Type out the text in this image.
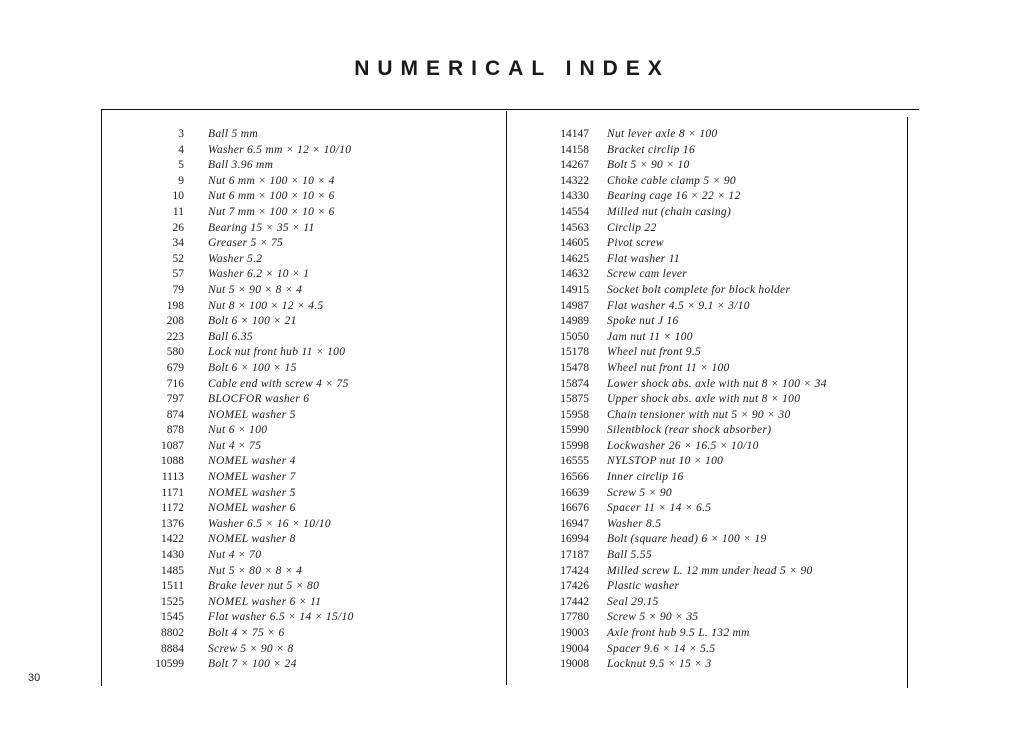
NUMERICAL INDEX
3 Ball 5 mm
4 Washer 6.5 mm × 12 × 10/10
5 Ball 3.96 mm
9 Nut 6 mm × 100 × 10 × 4
10 Nut 6 mm × 100 × 10 × 6
11 Nut 7 mm × 100 × 10 × 6
26 Bearing 15 × 35 × 11
34 Greaser 5 × 75
52 Washer 5.2
57 Washer 6.2 × 10 × 1
79 Nut 5 × 90 × 8 × 4
198 Nut 8 × 100 × 12 × 4.5
208 Bolt 6 × 100 × 21
223 Ball 6.35
580 Lock nut front hub 11 × 100
679 Bolt 6 × 100 × 15
716 Cable end with screw 4 × 75
797 BLOCFOR washer 6
874 NOMEL washer 5
878 Nut 6 × 100
1087 Nut 4 × 75
1088 NOMEL washer 4
1113 NOMEL washer 7
1171 NOMEL washer 5
1172 NOMEL washer 6
1376 Washer 6.5 × 16 × 10/10
1422 NOMEL washer 8
1430 Nut 4 × 70
1485 Nut 5 × 80 × 8 × 4
1511 Brake lever nut 5 × 80
1525 NOMEL washer 6 × 11
1545 Flat washer 6.5 × 14 × 15/10
8802 Bolt 4 × 75 × 6
8884 Screw 5 × 90 × 8
10599 Bolt 7 × 100 × 24
14147 Nut lever axle 8 × 100
14158 Bracket circlip 16
14267 Bolt 5 × 90 × 10
14322 Choke cable clamp 5 × 90
14330 Bearing cage 16 × 22 × 12
14554 Milled nut (chain casing)
14563 Circlip 22
14605 Pivot screw
14625 Flat washer 11
14632 Screw cam lever
14915 Socket bolt complete for block holder
14987 Flat washer 4.5 × 9.1 × 3/10
14989 Spoke nut J 16
15050 Jam nut 11 × 100
15178 Wheel nut front 9.5
15478 Wheel nut front 11 × 100
15874 Lower shock abs. axle with nut 8 × 100 × 34
15875 Upper shock abs. axle with nut 8 × 100
15958 Chain tensioner with nut 5 × 90 × 30
15990 Silentblock (rear shock absorber)
15998 Lockwasher 26 × 16.5 × 10/10
16555 NYLSTOP nut 10 × 100
16566 Inner circlip 16
16639 Screw 5 × 90
16676 Spacer 11 × 14 × 6.5
16947 Washer 8.5
16994 Bolt (square head) 6 × 100 × 19
17187 Ball 5.55
17424 Milled screw L. 12 mm under head 5 × 90
17426 Plastic washer
17442 Seal 29.15
17780 Screw 5 × 90 × 35
19003 Axle front hub 9.5 L. 132 mm
19004 Spacer 9.6 × 14 × 5.5
19008 Locknut 9.5 × 15 × 3
30
